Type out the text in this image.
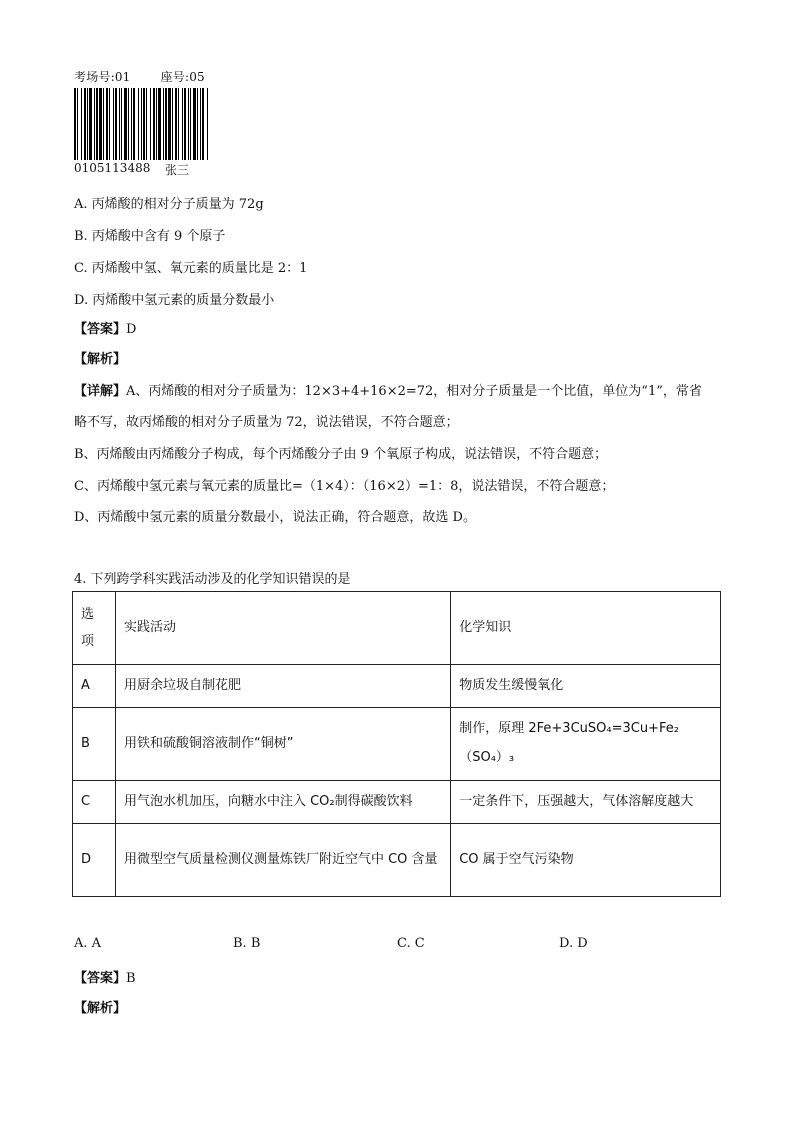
考场号:01	座号:05
0105113488 张三
A. 丙烯酸的相对分子质量为 72g
B. 丙烯酸中含有 9 个原子
C. 丙烯酸中氢、氧元素的质量比是 2：1
D. 丙烯酸中氢元素的质量分数最小
【答案】D
【解析】
【详解】A、丙烯酸的相对分子质量为：12×3+4+16×2=72，相对分子质量是一个比值，单位为“1”，常省
略不写，故丙烯酸的相对分子质量为 72，说法错误，不符合题意；
B、丙烯酸由丙烯酸分子构成，每个丙烯酸分子由 9 个氧原子构成，说法错误，不符合题意；
C、丙烯酸中氢元素与氧元素的质量比=（1×4）：（16×2）=1：8，说法错误，不符合题意；
D、丙烯酸中氢元素的质量分数最小，说法正确，符合题意，故选 D。
4. 下列跨学科实践活动涉及的化学知识错误的是
选项	实践活动	化学知识
A	用厨余垃圾自制花肥	物质发生缓慢氧化
B	用铁和硫酸铜溶液制作“铜树”	制作，原理 2Fe+3CuSO₄=3Cu+Fe₂（SO₄）₃
C	用气泡水机加压，向糖水中注入 CO₂制得碳酸饮料	一定条件下，压强越大，气体溶解度越大
D	用微型空气质量检测仪测量炼铁厂附近空气中 CO 含量	CO 属于空气污染物
A. A	B. B	C. C	D. D
【答案】B
【解析】
